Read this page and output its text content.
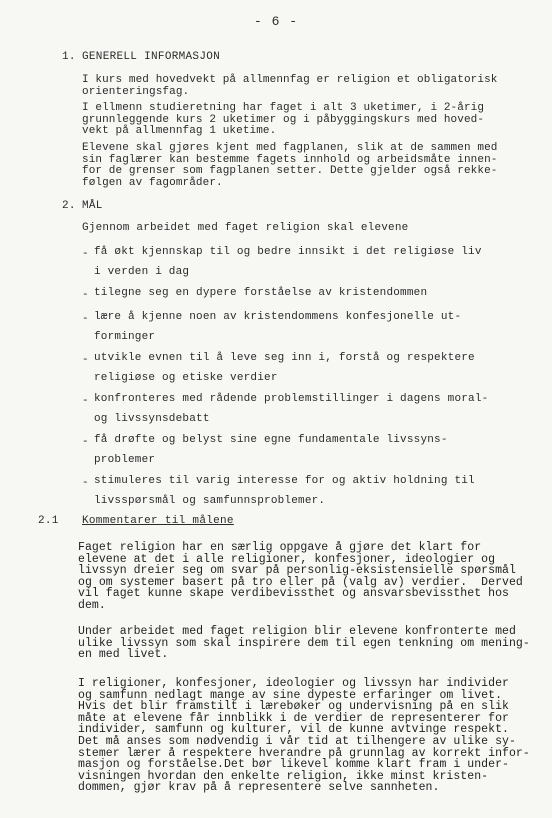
- 6 -
1. GENERELL INFORMASJON
I kurs med hovedvekt på allmennfag er religion et obligatorisk
orienteringsfag.
I ellmenn studieretning har faget i alt 3 uketimer, i 2-årig
grunnleggende kurs 2 uketimer og i påbyggingskurs med hoved-
vekt på allmennfag 1 uketime.
Elevene skal gjøres kjent med fagplanen, slik at de sammen med
sin faglærer kan bestemme fagets innhold og arbeidsmåte innen-
for de grenser som fagplanen setter. Dette gjelder også rekke-
følgen av fagområder.
2. MÅL
Gjennom arbeidet med faget religion skal elevene
- få økt kjennskap til og bedre innsikt i det religiøse liv
i verden i dag
- tilegne seg en dypere forståelse av kristendommen
- lære å kjenne noen av kristendommens konfesjonelle ut-
forminger
- utvikle evnen til å leve seg inn i, forstå og respektere
religiøse og etiske verdier
- konfronteres med rådende problemstillinger i dagens moral-
og livssynsdebatt
- få drøfte og belyst sine egne fundamentale livssyns-
problemer
- stimuleres til varig interesse for og aktiv holdning til
livsspørsmål og samfunnsproblemer.
2.1 Kommentarer til målene
Faget religion har en særlig oppgave å gjøre det klart for
elevene at det i alle religioner, konfesjoner, ideologier og
livssyn dreier seg om svar på personlig-eksistensielle spørsmål
og om systemer basert på tro eller på (valg av) verdier.  Derved
vil faget kunne skape verdibevissthet og ansvarsbevissthet hos
dem.
Under arbeidet med faget religion blir elevene konfronterte med
ulike livssyn som skal inspirere dem til egen tenkning om mening-
en med livet.
I religioner, konfesjoner, ideologier og livssyn har individer
og samfunn nedlagt mange av sine dypeste erfaringer om livet.
Hvis det blir framstilt i lærebøker og undervisning på en slik
måte at elevene får innblikk i de verdier de representerer for
individer, samfunn og kulturer, vil de kunne avtvinge respekt.
Det må anses som nødvendig i vår tid at tilhengere av ulike sy-
stemer lærer å respektere hverandre på grunnlag av korrekt infor-
masjon og forståelse.Det bør likevel komme klart fram i under-
visningen hvordan den enkelte religion, ikke minst kristen-
dommen, gjør krav på å representere selve sannheten.
